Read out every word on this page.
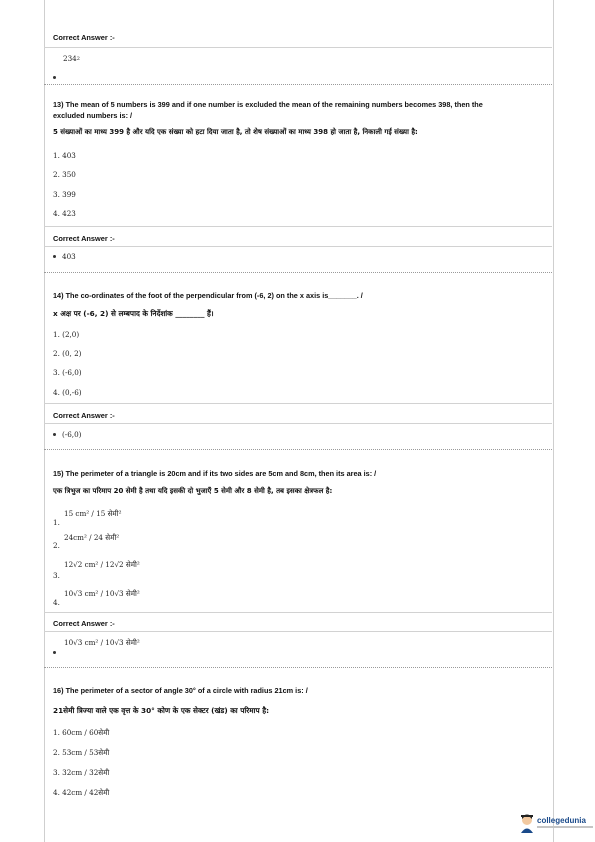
Correct Answer :-
234 2
13) The mean of 5 numbers is 399 and if one number is excluded the mean of the remaining numbers becomes 398, then the
excluded numbers is: /
5 संख्याओं का माध्य 399 है और यदि एक संख्या को हटा दिया जाता है, तो शेष संख्याओं का माध्य 398 हो जाता है, निकाली गई संख्या है:
1. 403
2. 350
3. 399
4. 423
Correct Answer :-
403
14) The co-ordinates of the foot of the perpendicular from (-6, 2) on the x axis is_______. /
x अक्ष पर (-6, 2) से लम्बपाद के निर्देशांक ________ हैं।
1. (2,0)
2. (0, 2)
3. (-6,0)
4. (0,-6)
Correct Answer :-
(-6,0)
15) The perimeter of a triangle is 20cm and if its two sides are 5cm and 8cm, then its area is: /
एक त्रिभुज का परिमाप 20 सेमी है तथा यदि इसकी दो भुजाएँ 5 सेमी और 8 सेमी है, तब इसका क्षेत्रफल है:
1.
15 cm² / 15 सेमी²
2.
24cm² / 24 सेमी²
3.
12√2 cm² / 12√2 सेमी²
4.
10√3 cm² / 10√3 सेमी²
Correct Answer :-
10√3 cm² / 10√3 सेमी²
16) The perimeter of a sector of angle 30° of a circle with radius 21cm is: /
21सेमी त्रिज्या वाले एक वृत्त के 30° कोण के एक सेक्टर (खंड) का परिमाप है:
1. 60cm / 60सेमी
2. 53cm / 53सेमी
3. 32cm / 32सेमी
4. 42cm / 42सेमी
collegedunia
